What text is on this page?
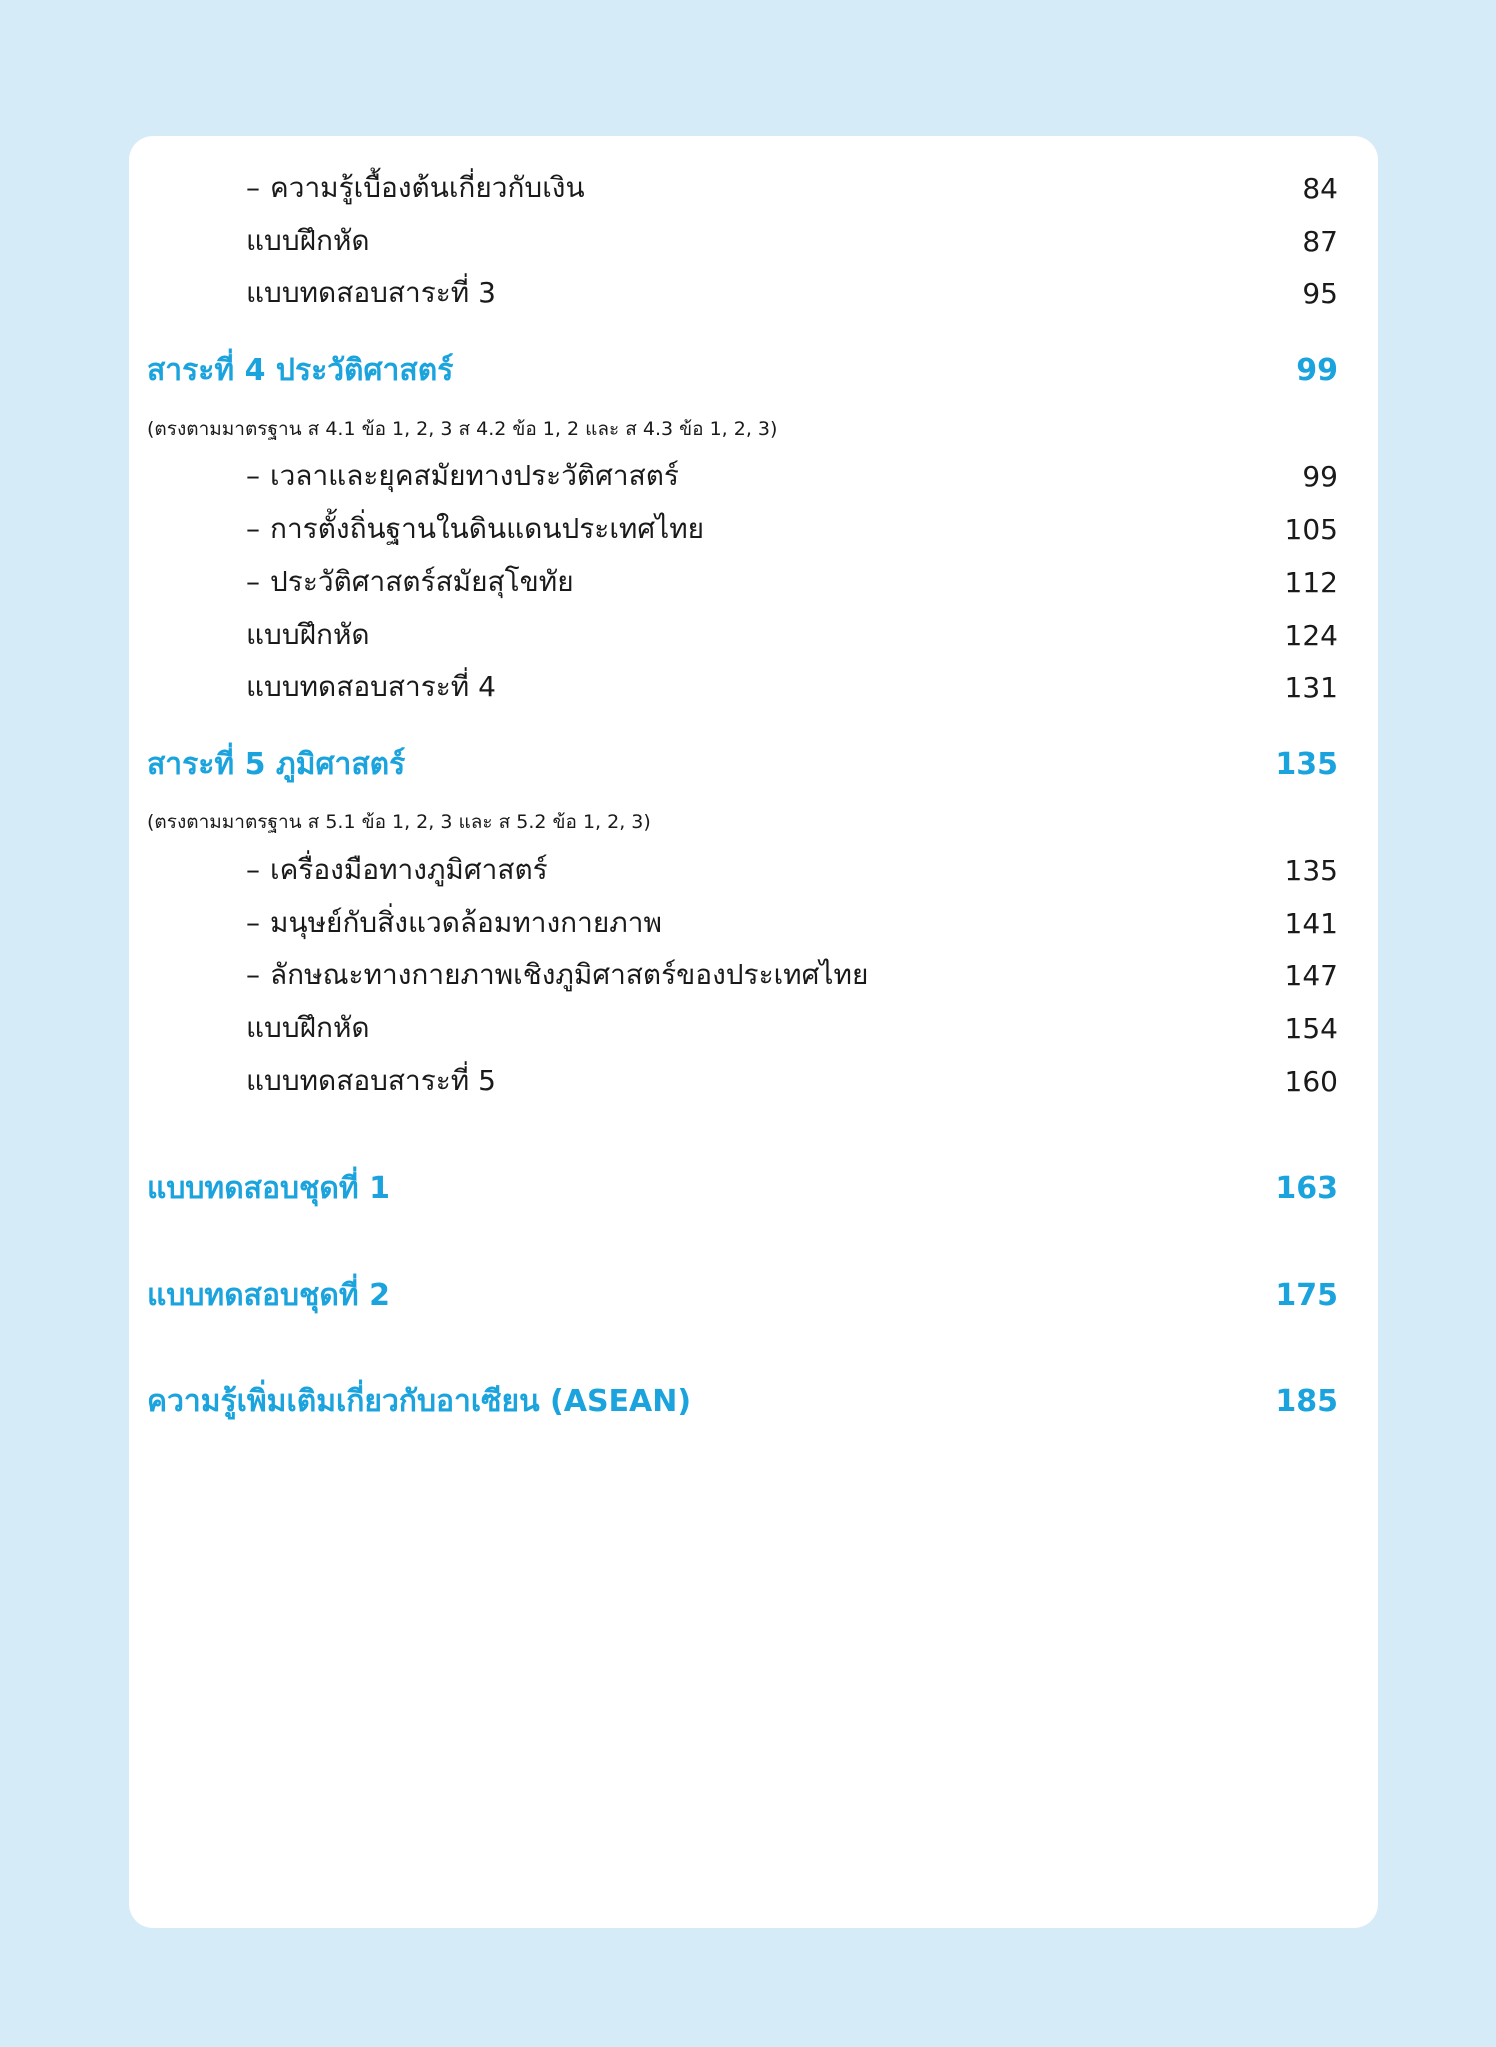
– ความรู้เบื้องต้นเกี่ยวกับเงิน	84
แบบฝึกหัด	87
แบบทดสอบสาระที่ 3	95
สาระที่ 4 ประวัติศาสตร์	99
(ตรงตามมาตรฐาน ส 4.1 ข้อ 1, 2, 3 ส 4.2 ข้อ 1, 2 และ ส 4.3 ข้อ 1, 2, 3)
– เวลาและยุคสมัยทางประวัติศาสตร์	99
– การตั้งถิ่นฐานในดินแดนประเทศไทย	105
– ประวัติศาสตร์สมัยสุโขทัย	112
แบบฝึกหัด	124
แบบทดสอบสาระที่ 4	131
สาระที่ 5 ภูมิศาสตร์	135
(ตรงตามมาตรฐาน ส 5.1 ข้อ 1, 2, 3 และ ส 5.2 ข้อ 1, 2, 3)
– เครื่องมือทางภูมิศาสตร์	135
– มนุษย์กับสิ่งแวดล้อมทางกายภาพ	141
– ลักษณะทางกายภาพเชิงภูมิศาสตร์ของประเทศไทย	147
แบบฝึกหัด	154
แบบทดสอบสาระที่ 5	160
แบบทดสอบชุดที่ 1	163
แบบทดสอบชุดที่ 2	175
ความรู้เพิ่มเติมเกี่ยวกับอาเซียน (ASEAN)	185
